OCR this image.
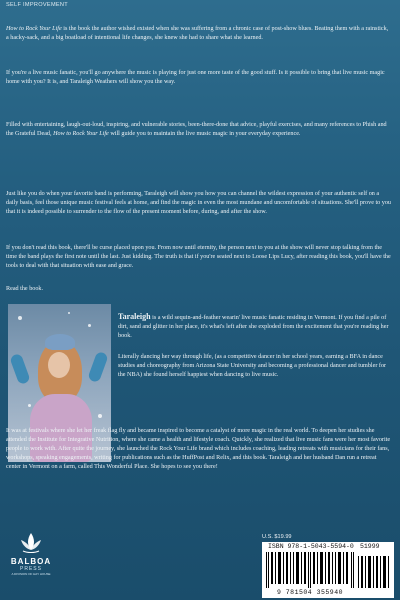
SELF IMPROVEMENT

How to Rock Your Life is the book the author wished existed when she was suffering from a chronic case of post-show blues. Beating them with a rainstick, a hacky-sack, and a big boatload of intentional life changes, she knew she had to share what she learned.

If you're a live music fanatic, you'll go anywhere the music is playing for just one more taste of the good stuff. Is it possible to bring that live music magic home with you? It is, and Taraleigh Weathers will show you the way.

Filled with entertaining, laugh-out-loud, inspiring, and vulnerable stories, been-there-done that advice, playful exercises, and many references to Phish and the Grateful Dead, How to Rock Your Life will guide you to maintain the live music magic in your everyday experience.

Just like you do when your favorite band is performing, Taraleigh will show you how you can channel the wildest expression of your authentic self on a daily basis, feel those unique music festival feels at home, and find the magic in even the most mundane and uncomfortable of situations. She'll prove to you that it is indeed possible to surrender to the flow of the present moment before, during, and after the show.

If you don't read this book, there'll be curse placed upon you. From now until eternity, the person next to you at the show will never stop talking from the time the band plays the first note until the last. Just kidding. The truth is that if you're seated next to Loose Lips Lucy, after reading this book, you'll have the tools to deal with that situation with ease and grace.

Read the book.

Taraleigh is a wild sequin-and-feather wearin' live music fanatic residing in Vermont. If you find a pile of dirt, sand and glitter in her place, it's what's left after she exploded from the excitement that you're reading her book.

Literally dancing her way through life, (as a competitive dancer in her school years, earning a BFA in dance studies and choreography from Arizona State University and becoming a professional dancer and tumbler for the NBA) she found herself happiest when dancing to live music.

It was at festivals where she let her freak flag fly and became inspired to become a catalyst of more magic in the real world. To deepen her studies she attended the Institute for Integrative Nutrition, where she came a health and lifestyle coach. Quickly, she realized that live music fans were her most favorite people to work with. After quite the journey, she launched the Rock Your Life brand which includes coaching, leading retreats with musicians for their fans, workshops, speaking engagements, writing for publications such as the HuffPost and Relix, and this book. Taraleigh and her husband Dan run a retreat center in Vermont on a farm, called This Wonderful Place. She hopes to see you there!

BALBOA
PRESS
A DIVISION OF HAY HOUSE
U.S. $19.99
ISBN 978-1-5043-5594-0 51999
9 781504 355940
